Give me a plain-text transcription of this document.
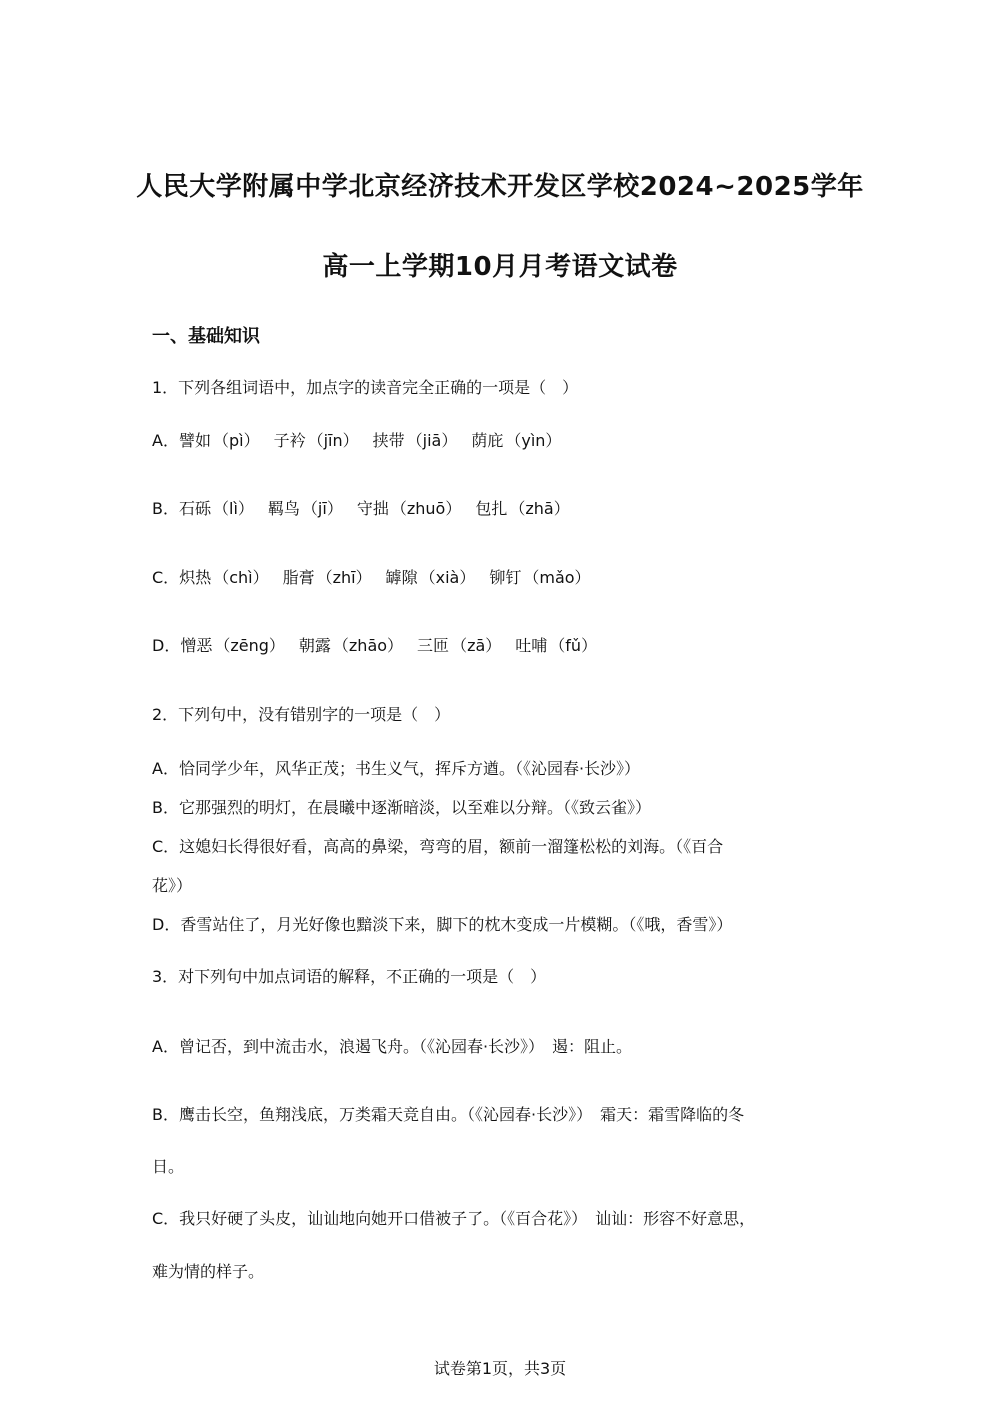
人民大学附属中学北京经济技术开发区学校2024~2025学年
高一上学期10月月考语文试卷
一、基础知识
1．下列各组词语中，加点字的读音完全正确的一项是（　）
A．譬如 （pì） 子衿 （jīn） 挟带 （jiā） 荫庇 （yìn）
B．石砾 （lì） 羁鸟 （jī） 守拙 （zhuō） 包扎 （zhā）
C．炽热 （chì） 脂膏 （zhī） 罅隙 （xià） 铆钉 （mǎo）
D．憎恶 （zēng） 朝露 （zhāo） 三匝 （zā） 吐哺 （fǔ）
2．下列句中，没有错别字的一项是（　）
A．恰同学少年，风华正茂；书生义气，挥斥方遒。（《沁园春·长沙》）
B．它那强烈的明灯，在晨曦中逐渐暗淡，以至难以分辩。（《致云雀》）
C．这媳妇长得很好看，高高的鼻梁，弯弯的眉，额前一溜篷松松的刘海。（《百合
花》）
D．香雪站住了，月光好像也黯淡下来，脚下的枕木变成一片模糊。（《哦，香雪》）
3．对下列句中加点词语的解释，不正确的一项是（　）
A．曾记否，到中流击水，浪遏飞舟。（《沁园春·长沙》）　遏：阻止。
B．鹰击长空，鱼翔浅底，万类霜天竞自由。（《沁园春·长沙》）　霜天：霜雪降临的冬
日。
C．我只好硬了头皮，讪讪地向她开口借被子了。（《百合花》）　讪讪：形容不好意思，
难为情的样子。
试卷第1页，共3页
